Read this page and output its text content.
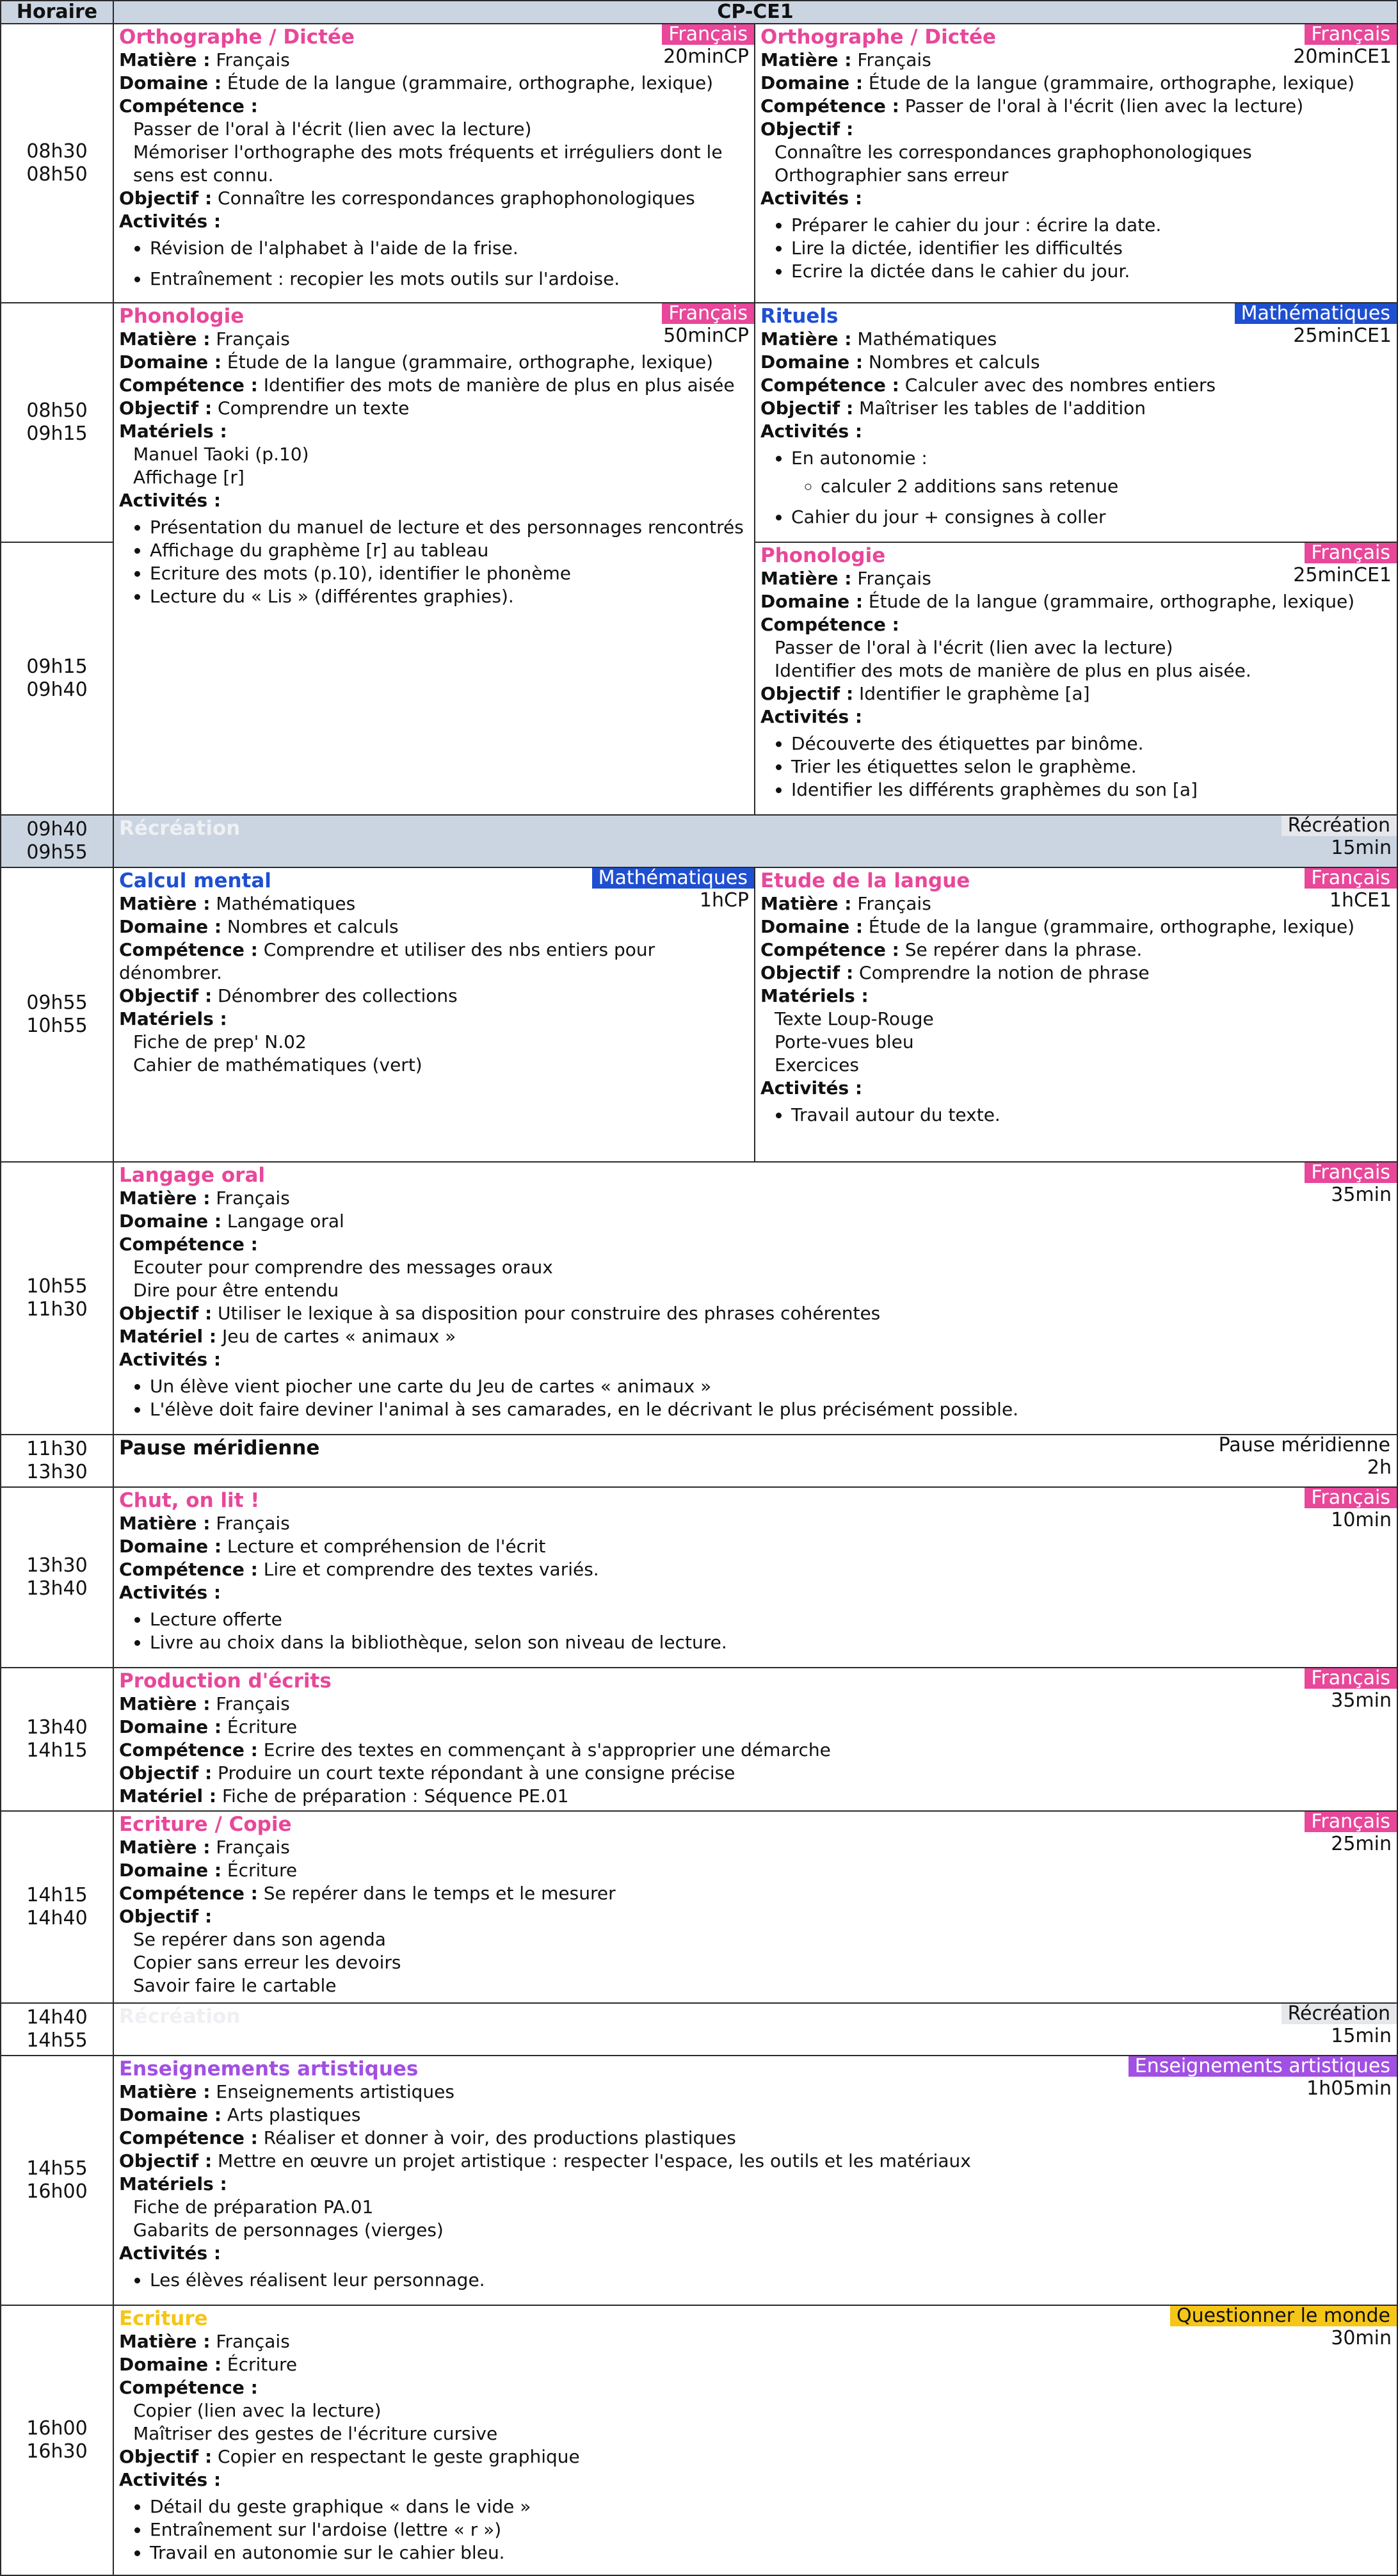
Horaire	CP-CE1
08h30
08h50
08h50
09h15
09h15
09h40
09h40
09h55
09h55
10h55
10h55
11h30
11h30
13h30
13h30
13h40
13h40
14h15
14h15
14h40
14h40
14h55
14h55
16h00
16h00
16h30
Français
20minCP
Orthographe / Dictée
Matière : Français
Domaine : Étude de la langue (grammaire, orthographe, lexique)
Compétence :
Passer de l'oral à l'écrit (lien avec la lecture)
Mémoriser l'orthographe des mots fréquents et irréguliers dont le sens est connu.
Objectif : Connaître les correspondances graphophonologiques
Activités :
• Révision de l'alphabet à l'aide de la frise.
• Entraînement : recopier les mots outils sur l'ardoise.
Français
20minCE1
Orthographe / Dictée
Matière : Français
Domaine : Étude de la langue (grammaire, orthographe, lexique)
Compétence : Passer de l'oral à l'écrit (lien avec la lecture)
Objectif :
Connaître les correspondances graphophonologiques
Orthographier sans erreur
Activités :
• Préparer le cahier du jour : écrire la date.
• Lire la dictée, identifier les difficultés
• Ecrire la dictée dans le cahier du jour.
Français
50minCP
Phonologie
Matière : Français
Domaine : Étude de la langue (grammaire, orthographe, lexique)
Compétence : Identifier des mots de manière de plus en plus aisée
Objectif : Comprendre un texte
Matériels :
Manuel Taoki (p.10)
Affichage [r]
Activités :
• Présentation du manuel de lecture et des personnages rencontrés
• Affichage du graphème [r] au tableau
• Ecriture des mots (p.10), identifier le phonème
• Lecture du « Lis » (différentes graphies).
Mathématiques
25minCE1
Rituels
Matière : Mathématiques
Domaine : Nombres et calculs
Compétence : Calculer avec des nombres entiers
Objectif : Maîtriser les tables de l'addition
Activités :
• En autonomie :
◦ calculer 2 additions sans retenue
• Cahier du jour + consignes à coller
Français
25minCE1
Phonologie
Matière : Français
Domaine : Étude de la langue (grammaire, orthographe, lexique)
Compétence :
Passer de l'oral à l'écrit (lien avec la lecture)
Identifier des mots de manière de plus en plus aisée.
Objectif : Identifier le graphème [a]
Activités :
• Découverte des étiquettes par binôme.
• Trier les étiquettes selon le graphème.
• Identifier les différents graphèmes du son [a]
Récréation
15min
Récréation
Mathématiques
1hCP
Calcul mental
Matière : Mathématiques
Domaine : Nombres et calculs
Compétence : Comprendre et utiliser des nbs entiers pour dénombrer.
Objectif : Dénombrer des collections
Matériels :
Fiche de prep' N.02
Cahier de mathématiques (vert)
Français
1hCE1
Etude de la langue
Matière : Français
Domaine : Étude de la langue (grammaire, orthographe, lexique)
Compétence : Se repérer dans la phrase.
Objectif : Comprendre la notion de phrase
Matériels :
Texte Loup-Rouge
Porte-vues bleu
Exercices
Activités :
• Travail autour du texte.
Français
35min
Langage oral
Matière : Français
Domaine : Langage oral
Compétence :
Ecouter pour comprendre des messages oraux
Dire pour être entendu
Objectif : Utiliser le lexique à sa disposition pour construire des phrases cohérentes
Matériel : Jeu de cartes « animaux »
Activités :
• Un élève vient piocher une carte du Jeu de cartes « animaux »
• L'élève doit faire deviner l'animal à ses camarades, en le décrivant le plus précisément possible.
Pause méridienne
2h
Pause méridienne
Français
10min
Chut, on lit !
Matière : Français
Domaine : Lecture et compréhension de l'écrit
Compétence : Lire et comprendre des textes variés.
Activités :
• Lecture offerte
• Livre au choix dans la bibliothèque, selon son niveau de lecture.
Français
35min
Production d'écrits
Matière : Français
Domaine : Écriture
Compétence : Ecrire des textes en commençant à s'approprier une démarche
Objectif : Produire un court texte répondant à une consigne précise
Matériel : Fiche de préparation : Séquence PE.01
Français
25min
Ecriture / Copie
Matière : Français
Domaine : Écriture
Compétence : Se repérer dans le temps et le mesurer
Objectif :
Se repérer dans son agenda
Copier sans erreur les devoirs
Savoir faire le cartable
Récréation
15min
Récréation
Enseignements artistiques
1h05min
Enseignements artistiques
Matière : Enseignements artistiques
Domaine : Arts plastiques
Compétence : Réaliser et donner à voir, des productions plastiques
Objectif : Mettre en œuvre un projet artistique : respecter l'espace, les outils et les matériaux
Matériels :
Fiche de préparation PA.01
Gabarits de personnages (vierges)
Activités :
• Les élèves réalisent leur personnage.
Questionner le monde
30min
Ecriture
Matière : Français
Domaine : Écriture
Compétence :
Copier (lien avec la lecture)
Maîtriser des gestes de l'écriture cursive
Objectif : Copier en respectant le geste graphique
Activités :
• Détail du geste graphique « dans le vide »
• Entraînement sur l'ardoise (lettre « r »)
• Travail en autonomie sur le cahier bleu.
